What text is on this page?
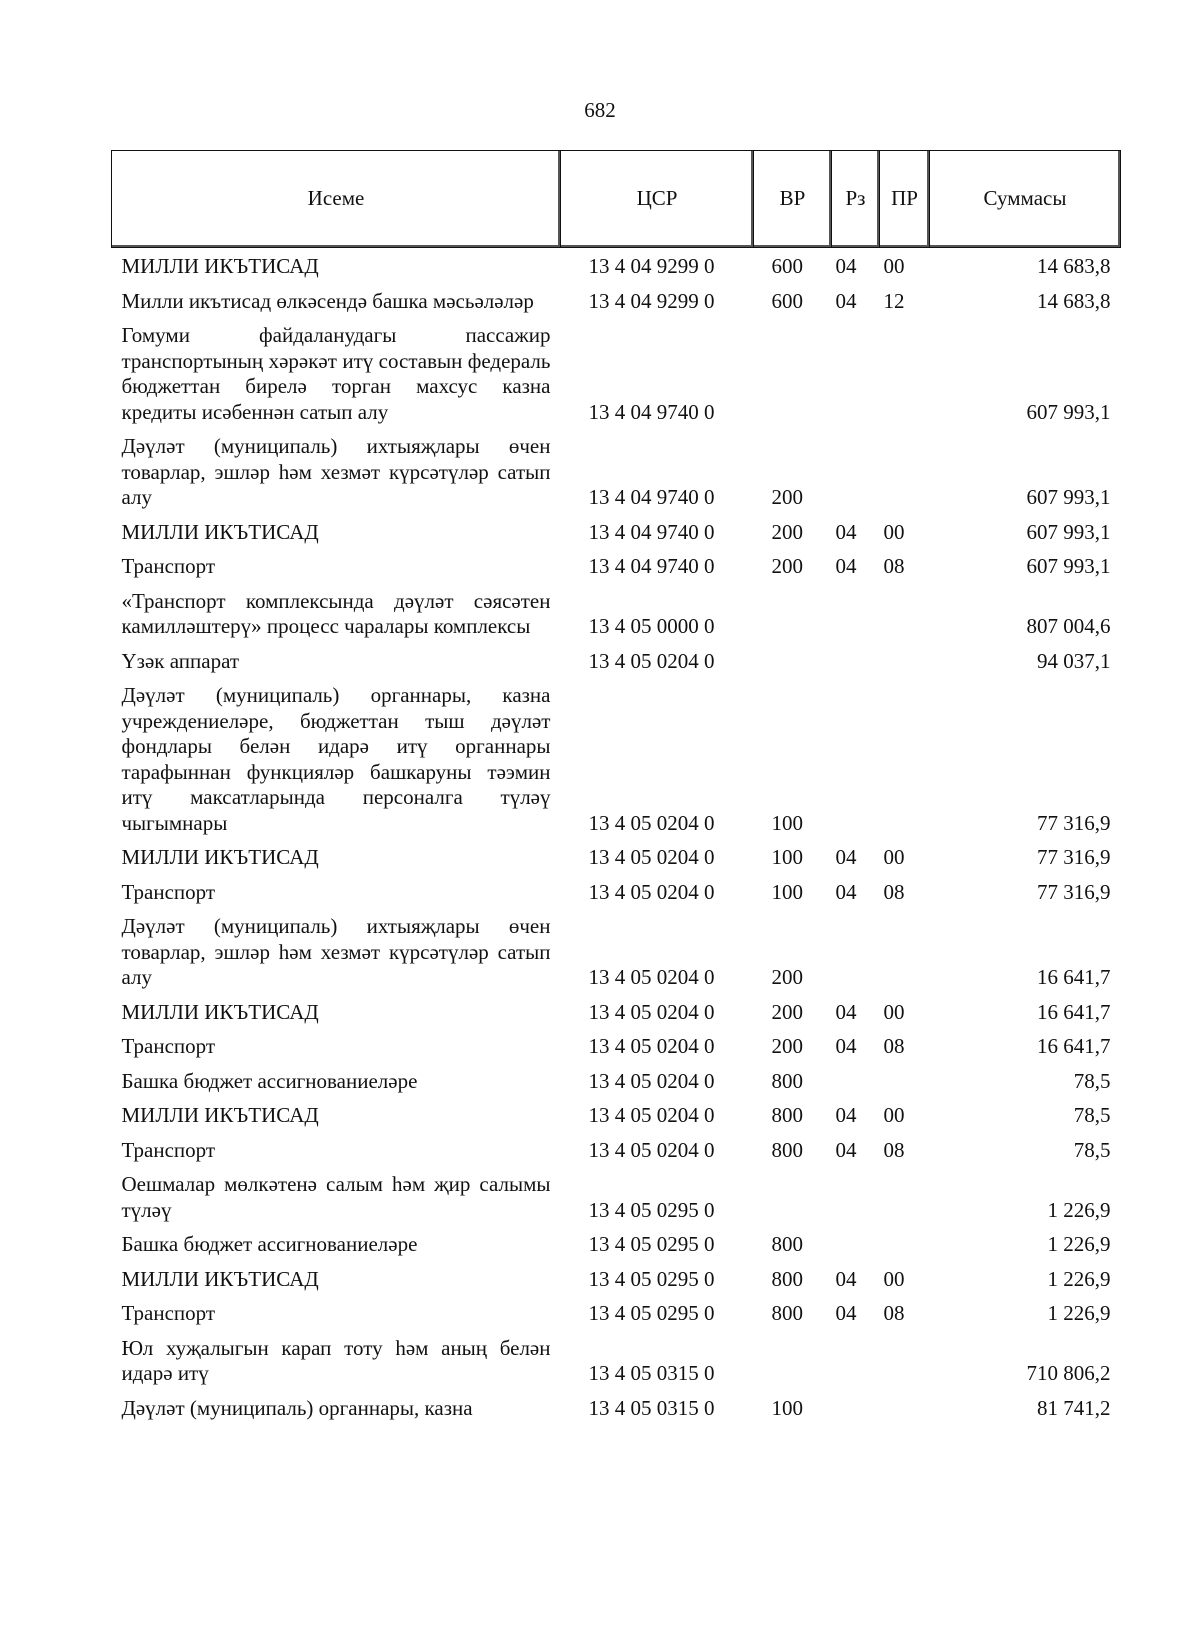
682
Исеме	ЦСР	ВР	Рз	ПР	Суммасы
МИЛЛИ ИКЪТИСАД	13 4 04 9299 0	600	04	00	14 683,8
Милли икътисад өлкәсендә башка мәсьәләләр	13 4 04 9299 0	600	04	12	14 683,8
Гомуми файдаланудагы пассажир транспортының хәрәкәт итү составын федераль бюджеттан бирелә торган махсус казна кредиты исәбеннән сатып алу	13 4 04 9740 0				607 993,1
Дәүләт (муниципаль) ихтыяҗлары өчен товарлар, эшләр һәм хезмәт күрсәтүләр сатып алу	13 4 04 9740 0	200			607 993,1
МИЛЛИ ИКЪТИСАД	13 4 04 9740 0	200	04	00	607 993,1
Транспорт	13 4 04 9740 0	200	04	08	607 993,1
«Транспорт комплексында дәүләт сәясәтен камилләштерү» процесс чаралары комплексы	13 4 05 0000 0				807 004,6
Үзәк аппарат	13 4 05 0204 0				94 037,1
Дәүләт (муниципаль) органнары, казна учреждениеләре, бюджеттан тыш дәүләт фондлары белән идарә итү органнары тарафыннан функцияләр башкаруны тәэмин итү максатларында персоналга түләү чыгымнары	13 4 05 0204 0	100			77 316,9
МИЛЛИ ИКЪТИСАД	13 4 05 0204 0	100	04	00	77 316,9
Транспорт	13 4 05 0204 0	100	04	08	77 316,9
Дәүләт (муниципаль) ихтыяҗлары өчен товарлар, эшләр һәм хезмәт күрсәтүләр сатып алу	13 4 05 0204 0	200			16 641,7
МИЛЛИ ИКЪТИСАД	13 4 05 0204 0	200	04	00	16 641,7
Транспорт	13 4 05 0204 0	200	04	08	16 641,7
Башка бюджет ассигнованиеләре	13 4 05 0204 0	800			78,5
МИЛЛИ ИКЪТИСАД	13 4 05 0204 0	800	04	00	78,5
Транспорт	13 4 05 0204 0	800	04	08	78,5
Оешмалар мөлкәтенә салым һәм җир салымы түләү	13 4 05 0295 0				1 226,9
Башка бюджет ассигнованиеләре	13 4 05 0295 0	800			1 226,9
МИЛЛИ ИКЪТИСАД	13 4 05 0295 0	800	04	00	1 226,9
Транспорт	13 4 05 0295 0	800	04	08	1 226,9
Юл хуҗалыгын карап тоту һәм аның белән идарә итү	13 4 05 0315 0				710 806,2
Дәүләт (муниципаль) органнары, казна	13 4 05 0315 0	100			81 741,2
